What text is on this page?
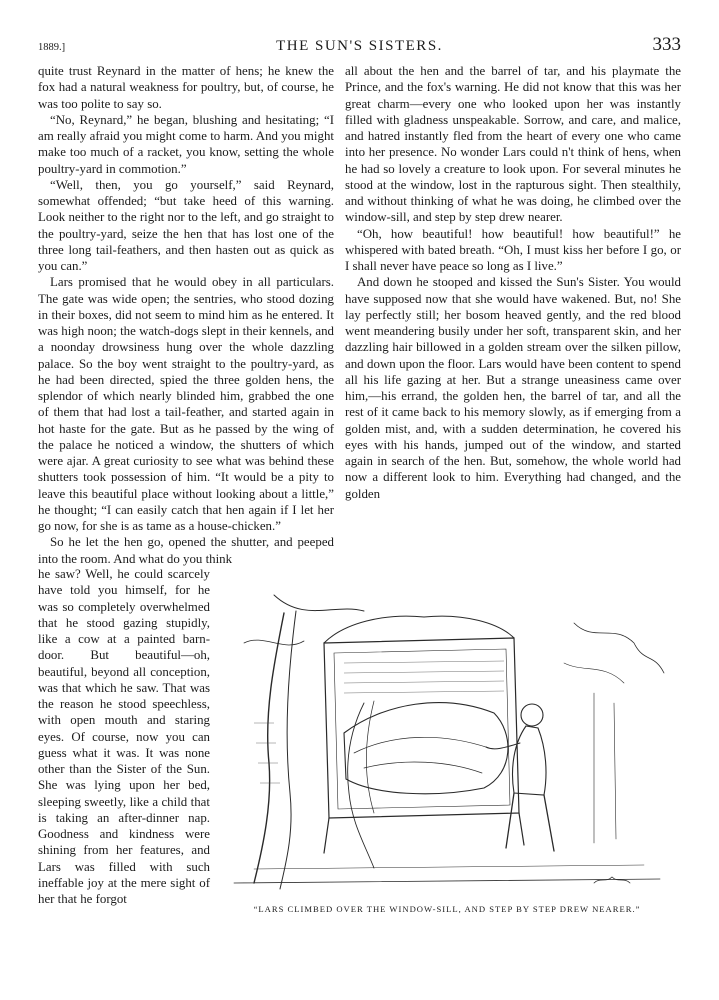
1889.]	THE SUN'S SISTERS.	333

quite trust Reynard in the matter of hens; he knew the fox had a natural weakness for poultry, but, of course, he was too polite to say so.

“No, Reynard,” he began, blushing and hesitating; “I am really afraid you might come to harm. And you might make too much of a racket, you know, setting the whole poultry-yard in commotion.”

“Well, then, you go yourself,” said Reynard, somewhat offended; “but take heed of this warning. Look neither to the right nor to the left, and go straight to the poultry-yard, seize the hen that has lost one of the three long tail-feathers, and then hasten out as quick as you can.”

Lars promised that he would obey in all particulars. The gate was wide open; the sentries, who stood dozing in their boxes, did not seem to mind him as he entered. It was high noon; the watch-dogs slept in their kennels, and a noonday drowsiness hung over the whole dazzling palace. So the boy went straight to the poultry-yard, as he had been directed, spied the three golden hens, the splendor of which nearly blinded him, grabbed the one of them that had lost a tail-feather, and started again in hot haste for the gate. But as he passed by the wing of the palace he noticed a window, the shutters of which were ajar. A great curiosity to see what was behind these shutters took possession of him. “It would be a pity to leave this beautiful place without looking about a little,” he thought; “I can easily catch that hen again if I let her go now, for she is as tame as a house-chicken.”

So he let the hen go, opened the shutter, and peeped into the room. And what do you think

he saw? Well, he could scarcely have told you himself, for he was so completely overwhelmed that he stood gazing stupidly, like a cow at a painted barn-door. But beautiful—oh, beautiful, beyond all conception, was that which he saw. That was the reason he stood speechless, with open mouth and staring eyes. Of course, now you can guess what it was. It was none other than the Sister of the Sun. She was lying upon her bed, sleeping sweetly, like a child that is taking an after-dinner nap. Goodness and kindness were shining from her features, and Lars was filled with such ineffable joy at the mere sight of her that he forgot

all about the hen and the barrel of tar, and his playmate the Prince, and the fox's warning. He did not know that this was her great charm—every one who looked upon her was instantly filled with gladness unspeakable. Sorrow, and care, and malice, and hatred instantly fled from the heart of every one who came into her presence. No wonder Lars could n't think of hens, when he had so lovely a creature to look upon. For several minutes he stood at the window, lost in the rapturous sight. Then stealthily, and without thinking of what he was doing, he climbed over the window-sill, and step by step drew nearer.

“Oh, how beautiful! how beautiful! how beautiful!” he whispered with bated breath. “Oh, I must kiss her before I go, or I shall never have peace so long as I live.”

And down he stooped and kissed the Sun's Sister. You would have supposed now that she would have wakened. But, no! She lay perfectly still; her bosom heaved gently, and the red blood went meandering busily under her soft, transparent skin, and her dazzling hair billowed in a golden stream over the silken pillow, and down upon the floor. Lars would have been content to spend all his life gazing at her. But a strange uneasiness came over him,—his errand, the golden hen, the barrel of tar, and all the rest of it came back to his memory slowly, as if emerging from a golden mist, and, with a sudden determination, he covered his eyes with his hands, jumped out of the window, and started again in search of the hen. But, somehow, the whole world had now a different look to him. Everything had changed, and the golden

“LARS CLIMBED OVER THE WINDOW-SILL, AND STEP BY STEP DREW NEARER.”
